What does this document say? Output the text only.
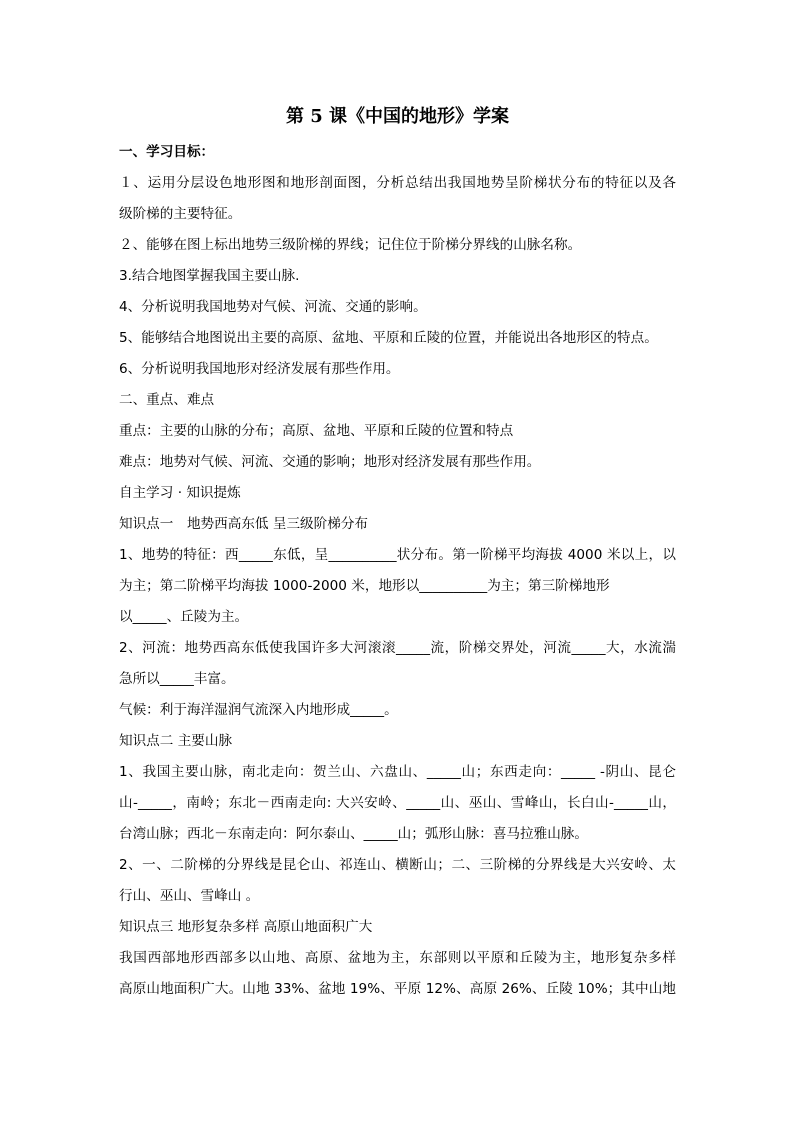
第 5 课《中国的地形》学案
一、学习目标：
１、运用分层设色地形图和地形剖面图，分析总结出我国地势呈阶梯状分布的特征以及各
级阶梯的主要特征。
２、能够在图上标出地势三级阶梯的界线；记住位于阶梯分界线的山脉名称。
3.结合地图掌握我国主要山脉.
4、分析说明我国地势对气候、河流、交通的影响。
5、能够结合地图说出主要的高原、盆地、平原和丘陵的位置，并能说出各地形区的特点。
6、分析说明我国地形对经济发展有那些作用。
二、重点、难点
重点：主要的山脉的分布；高原、盆地、平原和丘陵的位置和特点
难点：地势对气候、河流、交通的影响；地形对经济发展有那些作用。
自主学习 · 知识提炼
知识点一　地势西高东低 呈三级阶梯分布
1、地势的特征：西_____东低，呈__________状分布。第一阶梯平均海拔 4000 米以上，以
为主；第二阶梯平均海拔 1000-2000 米，地形以__________为主；第三阶梯地形
以_____、丘陵为主。
2、河流：地势西高东低使我国许多大河滚滚_____流，阶梯交界处，河流_____大，水流湍
急所以_____丰富。
气候：利于海洋湿润气流深入内地形成_____。
知识点二 主要山脉
1、我国主要山脉，南北走向：贺兰山、六盘山、_____山；东西走向：_____ -阴山、昆仑
山-_____，南岭；东北－西南走向: 大兴安岭、_____山、巫山、雪峰山，长白山-_____山，
台湾山脉；西北－东南走向：阿尔泰山、_____山；弧形山脉：喜马拉雅山脉。
2、一、二阶梯的分界线是昆仑山、祁连山、横断山；二、三阶梯的分界线是大兴安岭、太
行山、巫山、雪峰山 。
知识点三 地形复杂多样 高原山地面积广大
我国西部地形西部多以山地、高原、盆地为主，东部则以平原和丘陵为主，地形复杂多样
高原山地面积广大。山地 33%、盆地 19%、平原 12%、高原 26%、丘陵 10%；其中山地
